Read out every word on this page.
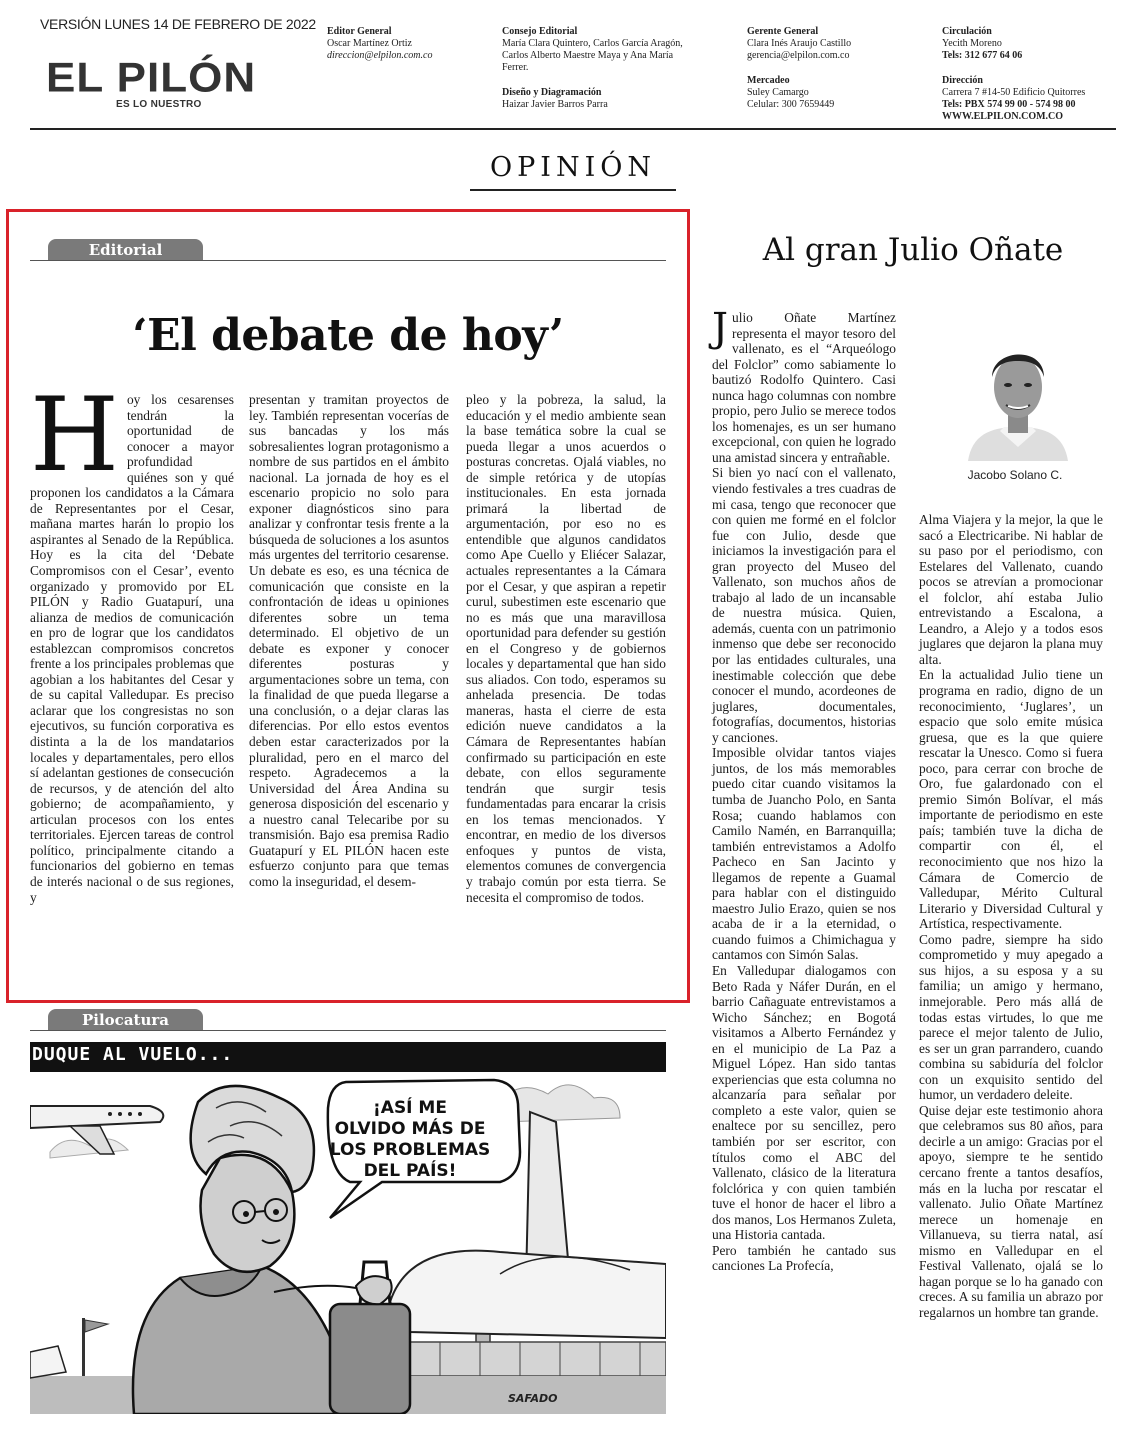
VERSIÓN LUNES 14 DE FEBRERO DE 2022
EL PILÓN
ES LO NUESTRO
Editor General
Oscar Martínez Ortiz
direccion@elpilon.com.co
Consejo Editorial
María Clara Quintero, Carlos García Aragón,
Carlos Alberto Maestre Maya y Ana María
Ferrer.
Diseño y Diagramación
Haizar Javier Barros Parra
Gerente General
Clara Inés Araujo Castillo
gerencia@elpilon.com.co
Mercadeo
Suley Camargo
Celular: 300 7659449
Circulación
Yecith Moreno
Tels: 312 677 64 06
Dirección
Carrera 7 #14-50 Edificio Quitorres
Tels: PBX 574 99 00 - 574 98 00
WWW.ELPILON.COM.CO
OPINIÓN
Editorial
‘El debate de hoy’
Hoy los cesarenses tendrán la oportunidad de conocer a mayor profundidad quiénes son y qué proponen los candidatos a la Cámara de Representantes por el Cesar, mañana martes harán lo propio los aspirantes al Senado de la República. Hoy es la cita del ‘Debate Compromisos con el Cesar’, evento organizado y promovido por EL PILÓN y Radio Guatapurí, una alianza de medios de comunicación en pro de lograr que los candidatos establezcan compromisos concretos frente a los principales problemas que agobian a los habitantes del Cesar y de su capital Valledupar. Es preciso aclarar que los congresistas no son ejecutivos, su función corporativa es distinta a la de los mandatarios locales y departamentales, pero ellos sí adelantan gestiones de consecución de recursos, y de atención del alto gobierno; de acompañamiento, y articulan procesos con los entes territoriales. Ejercen tareas de control político, principalmente citando a funcionarios del gobierno en temas de interés nacional o de sus regiones, y
presentan y tramitan proyectos de ley. También representan vocerías de sus bancadas y los más sobresalientes logran protagonismo a nombre de sus partidos en el ámbito nacional. La jornada de hoy es el escenario propicio no solo para exponer diagnósticos sino para analizar y confrontar tesis frente a la búsqueda de soluciones a los asuntos más urgentes del territorio cesarense. Un debate es eso, es una técnica de comunicación que consiste en la confrontación de ideas u opiniones diferentes sobre un tema determinado. El objetivo de un debate es exponer y conocer diferentes posturas y argumentaciones sobre un tema, con la finalidad de que pueda llegarse a una conclusión, o a dejar claras las diferencias. Por ello estos eventos deben estar caracterizados por la pluralidad, pero en el marco del respeto. Agradecemos a la Universidad del Área Andina su generosa disposición del escenario y a nuestro canal Telecaribe por su transmisión. Bajo esa premisa Radio Guatapurí y EL PILÓN hacen este esfuerzo conjunto para que temas como la inseguridad, el desem-
pleo y la pobreza, la salud, la educación y el medio ambiente sean la base temática sobre la cual se pueda llegar a unos acuerdos o posturas concretas. Ojalá viables, no de simple retórica y de utopías institucionales. En esta jornada primará la libertad de argumentación, por eso no es entendible que algunos candidatos como Ape Cuello y Eliécer Salazar, actuales representantes a la Cámara por el Cesar, y que aspiran a repetir curul, subestimen este escenario que no es más que una maravillosa oportunidad para defender su gestión en el Congreso y de gobiernos locales y departamental que han sido sus aliados. Con todo, esperamos su anhelada presencia. De todas maneras, hasta el cierre de esta edición nueve candidatos a la Cámara de Representantes habían confirmado su participación en este debate, con ellos seguramente tendrán que surgir tesis fundamentadas para encarar la crisis en los temas mencionados. Y encontrar, en medio de los diversos enfoques y puntos de vista, elementos comunes de convergencia y trabajo común por esta tierra. Se necesita el compromiso de todos.
Al gran Julio Oñate
Jacobo Solano C.

Julio Oñate Martínez representa el mayor tesoro del vallenato, es el “Arqueólogo del Folclor” como sabiamente lo bautizó Rodolfo Quintero. Casi nunca hago columnas con nombre propio, pero Julio se merece todos los homenajes, es un ser humano excepcional, con quien he logrado una amistad sincera y entrañable.

Si bien yo nací con el vallenato, viendo festivales a tres cuadras de mi casa, tengo que reconocer que con quien me formé en el folclor fue con Julio, desde que iniciamos la investigación para el gran proyecto del Museo del Vallenato, son muchos años de trabajo al lado de un incansable de nuestra música. Quien, además, cuenta con un patrimonio inmenso que debe ser reconocido por las entidades culturales, una inestimable colección que debe conocer el mundo, acordeones de juglares, documentales, fotografías, documentos, historias y canciones.

Imposible olvidar tantos viajes juntos, de los más memorables puedo citar cuando visitamos la tumba de Juancho Polo, en Santa Rosa; cuando hablamos con Camilo Namén, en Barranquilla; también entrevistamos a Adolfo Pacheco en San Jacinto y llegamos de repente a Guamal para hablar con el distinguido maestro Julio Erazo, quien se nos acaba de ir a la eternidad, o cuando fuimos a Chimichagua y cantamos con Simón Salas.

En Valledupar dialogamos con Beto Rada y Náfer Durán, en el barrio Cañaguate entrevistamos a Wicho Sánchez; en Bogotá visitamos a Alberto Fernández y en el municipio de La Paz a Miguel López. Han sido tantas experiencias que esta columna no alcanzaría para señalar por completo a este valor, quien se enaltece por su sencillez, pero también por ser escritor, con títulos como el ABC del Vallenato, clásico de la literatura folclórica y con quien también tuve el honor de hacer el libro a dos manos, Los Hermanos Zuleta, una Historia cantada.

Pero también he cantado sus canciones La Profecía,

Alma Viajera y la mejor, la que le sacó a Electricaribe. Ni hablar de su paso por el periodismo, con Estelares del Vallenato, cuando pocos se atrevían a promocionar el folclor, ahí estaba Julio entrevistando a Escalona, a Leandro, a Alejo y a todos esos juglares que dejaron la plana muy alta.

En la actualidad Julio tiene un programa en radio, digno de un reconocimiento, ‘Juglares’, un espacio que solo emite música gruesa, que es la que quiere rescatar la Unesco. Como si fuera poco, para cerrar con broche de Oro, fue galardonado con el premio Simón Bolívar, el más importante de periodismo en este país; también tuve la dicha de compartir con él, el reconocimiento que nos hizo la Cámara de Comercio de Valledupar, Mérito Cultural Literario y Diversidad Cultural y Artística, respectivamente.

Como padre, siempre ha sido comprometido y muy apegado a sus hijos, a su esposa y a su familia; un amigo y hermano, inmejorable. Pero más allá de todas estas virtudes, lo que me parece el mejor talento de Julio, es ser un gran parrandero, cuando combina su sabiduría del folclor con un exquisito sentido del humor, un verdadero deleite.

Quise dejar este testimonio ahora que celebramos sus 80 años, para decirle a un amigo: Gracias por el apoyo, siempre te he sentido cercano frente a tantos desafíos, más en la lucha por rescatar el vallenato. Julio Oñate Martínez merece un homenaje en Villanueva, su tierra natal, así mismo en Valledupar en el Festival Vallenato, ojalá se lo hagan porque se lo ha ganado con creces. A su familia un abrazo por regalarnos un hombre tan grande.

Pilocatura
DUQUE AL VUELO...
¡ASÍ ME
OLVIDO MÁS DE
LOS PROBLEMAS
DEL PAÍS!
SAFADO
